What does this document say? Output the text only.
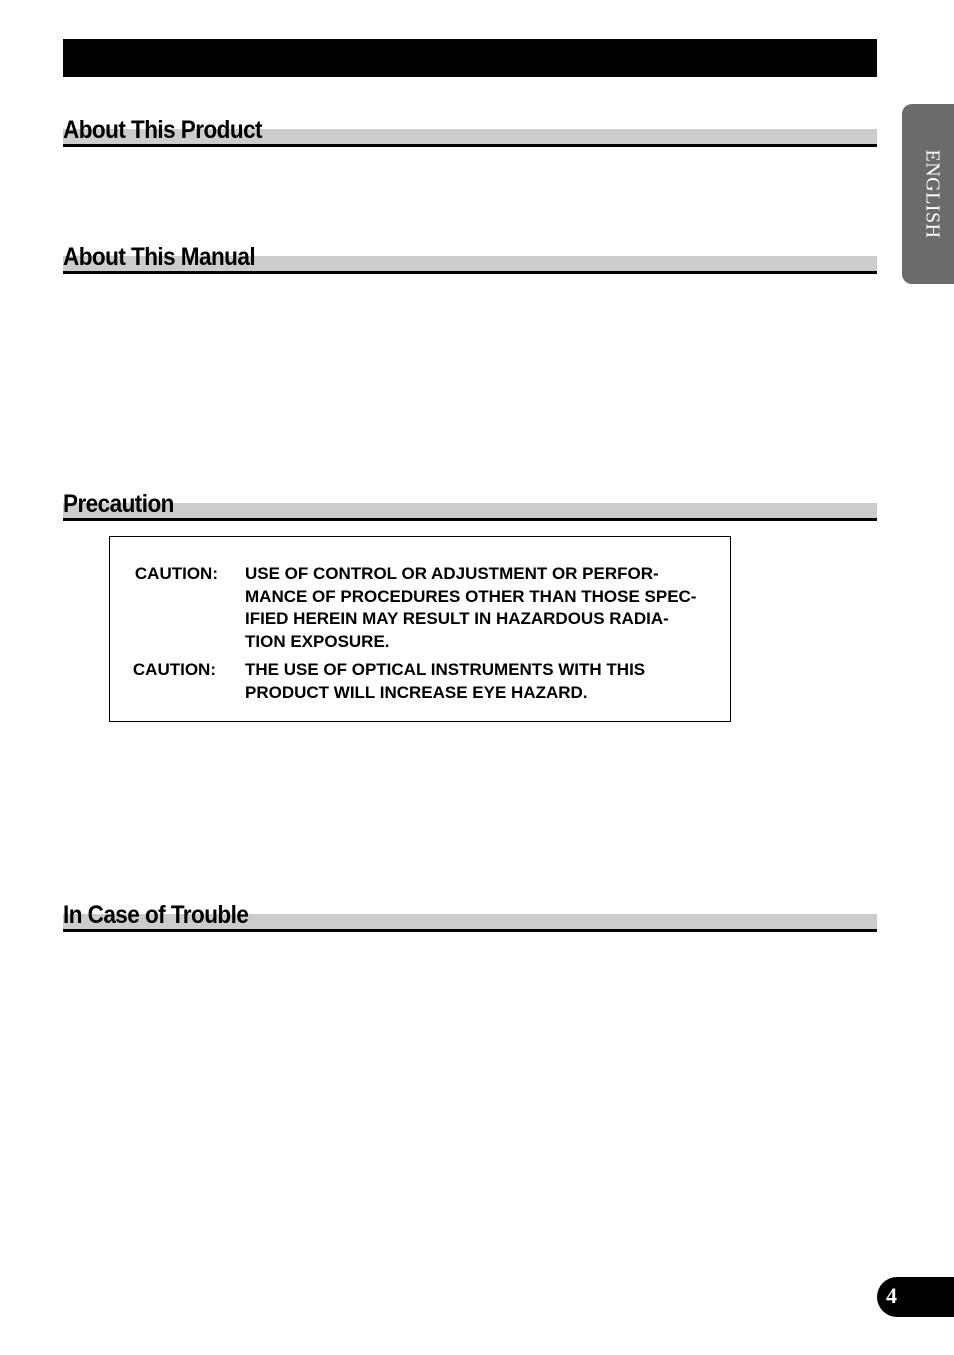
ENGLISH
About This Product
About This Manual
Precaution
CAUTION: USE OF CONTROL OR ADJUSTMENT OR PERFOR-
MANCE OF PROCEDURES OTHER THAN THOSE SPEC-
IFIED HEREIN MAY RESULT IN HAZARDOUS RADIA-
TION EXPOSURE.
CAUTION: THE USE OF OPTICAL INSTRUMENTS WITH THIS
PRODUCT WILL INCREASE EYE HAZARD.
In Case of Trouble
4
